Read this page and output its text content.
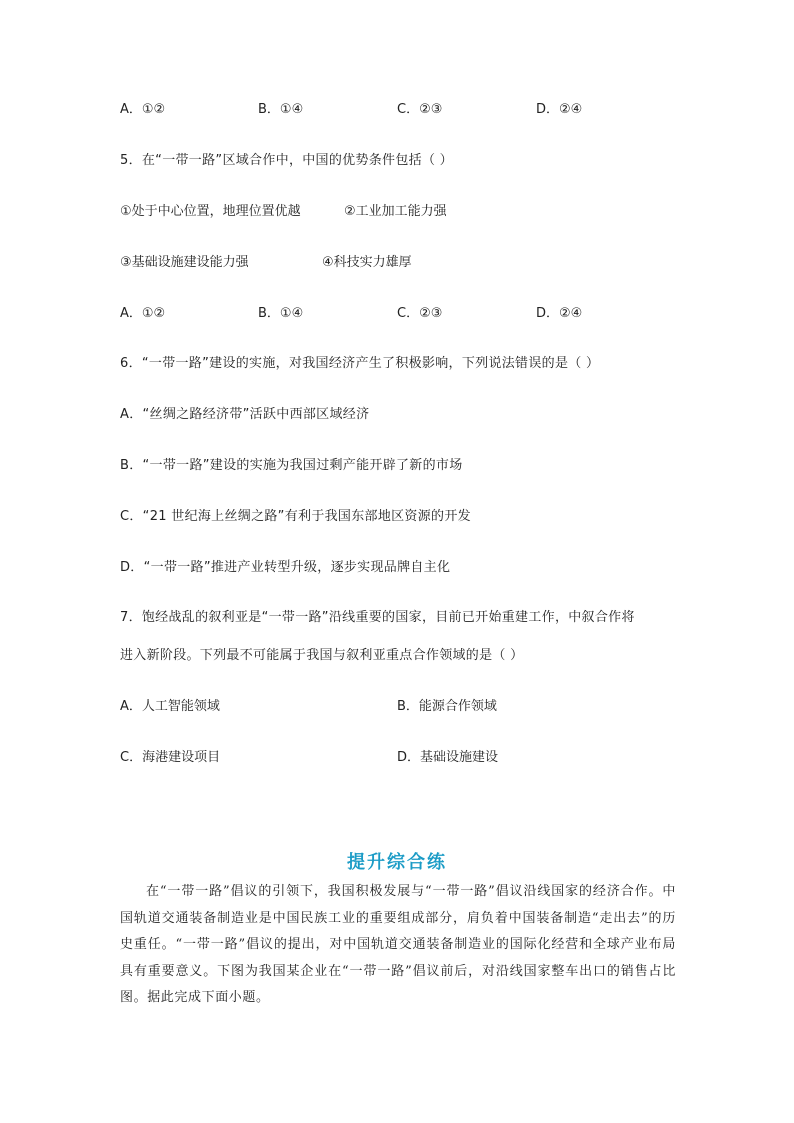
A．①②	B．①④	C．②③	D．②④
5．在“一带一路”区域合作中，中国的优势条件包括（ ）
①处于中心位置，地理位置优越	②工业加工能力强
③基础设施建设能力强	④科技实力雄厚
A．①②	B．①④	C．②③	D．②④
6．“一带一路”建设的实施，对我国经济产生了积极影响，下列说法错误的是（ ）
A．“丝绸之路经济带”活跃中西部区域经济
B．“一带一路”建设的实施为我国过剩产能开辟了新的市场
C．“21 世纪海上丝绸之路”有利于我国东部地区资源的开发
D．“一带一路”推进产业转型升级，逐步实现品牌自主化
7．饱经战乱的叙利亚是“一带一路”沿线重要的国家，目前已开始重建工作，中叙合作将
进入新阶段。下列最不可能属于我国与叙利亚重点合作领域的是（ ）
A．人工智能领域	B．能源合作领域
C．海港建设项目	D．基础设施建设
提升综合练
在“一带一路”倡议的引领下，我国积极发展与“一带一路”倡议沿线国家的经济合作。中国轨道交通装备制造业是中国民族工业的重要组成部分，肩负着中国装备制造“走出去”的历史重任。“一带一路”倡议的提出，对中国轨道交通装备制造业的国际化经营和全球产业布局具有重要意义。下图为我国某企业在“一带一路”倡议前后，对沿线国家整车出口的销售占比图。据此完成下面小题。
